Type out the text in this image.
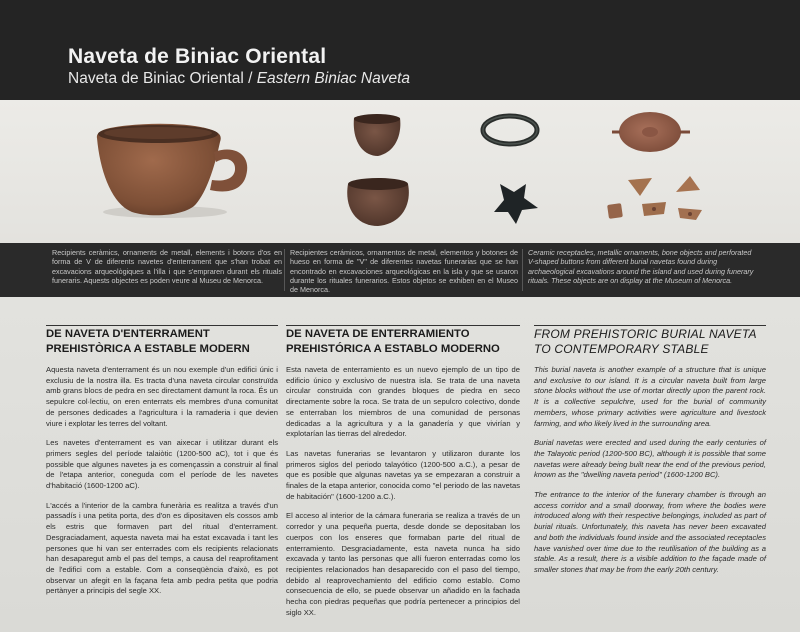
Naveta de Biniac Oriental
Naveta de Biniac Oriental / Eastern Biniac Naveta
Recipients ceràmics, ornaments de metall, elements i botons d'os en forma de V de diferents navetes d'enterrament que s'han trobat en excavacions arqueològiques a l'illa i que s'empraren durant els rituals funeraris. Aquests objectes es poden veure al Museu de Menorca.
Recipientes cerámicos, ornamentos de metal, elementos y botones de hueso en forma de "V" de diferentes navetas funerarias que se han encontrado en excavaciones arqueológicas en la isla y que se usaron durante los rituales funerarios. Estos objetos se exhiben en el Museo de Menorca.
Ceramic receptacles, metallic ornaments, bone objects and perforated V-shaped buttons from different burial navetas found during archaeological excavations around the island and used during funerary rituals. These objects are on display at the Museum of Menorca.
DE NAVETA D'ENTERRAMENT PREHISTÒRICA A ESTABLE MODERN

Aquesta naveta d'enterrament és un nou exemple d'un edifici únic i exclusiu de la nostra illa. Es tracta d'una naveta circular construïda amb grans blocs de pedra en sec directament damunt la roca. És un sepulcre col·lectiu, on eren enterrats els membres d'una comunitat de persones dedicades a l'agricultura i la ramaderia i que devien viure i explotar les terres del voltant.

Les navetes d'enterrament es van aixecar i utilitzar durant els primers segles del període talaiòtic (1200-500 aC), tot i que és possible que algunes navetes ja es començassin a construir al final de l'etapa anterior, coneguda com el període de les navetes d'habitació (1600-1200 aC).

L'accés a l'interior de la cambra funerària es realitza a través d'un passadís i una petita porta, des d'on es dipositaven els cossos amb els estris que formaven part del ritual d'enterrament. Desgraciadament, aquesta naveta mai ha estat excavada i tant les persones que hi van ser enterrades com els recipients relacionats han desaparegut amb el pas del temps, a causa del reaprofitament de l'edifici com a estable. Com a conseqüència d'això, es pot observar un afegit en la façana feta amb pedra petita que podria pertànyer a principis del segle XX.

DE NAVETA DE ENTERRAMIENTO PREHISTÓRICA A ESTABLO MODERNO

Esta naveta de enterramiento es un nuevo ejemplo de un tipo de edificio único y exclusivo de nuestra isla. Se trata de una naveta circular construida con grandes bloques de piedra en seco directamente sobre la roca. Se trata de un sepulcro colectivo, donde se enterraban los miembros de una comunidad de personas dedicadas a la agricultura y a la ganadería y que vivirían y explotarían las tierras del alrededor.

Las navetas funerarias se levantaron y utilizaron durante los primeros siglos del periodo talayótico (1200-500 a.C.), a pesar de que es posible que algunas navetas ya se empezaran a construir a finales de la etapa anterior, conocida como "el periodo de las navetas de habitación" (1600-1200 a.C.).

El acceso al interior de la cámara funeraria se realiza a través de un corredor y una pequeña puerta, desde donde se depositaban los cuerpos con los enseres que formaban parte del ritual de enterramiento. Desgraciadamente, esta naveta nunca ha sido excavada y tanto las personas que allí fueron enterradas como los recipientes relacionados han desaparecido con el paso del tiempo, debido al reaprovechamiento del edificio como establo. Como consecuencia de ello, se puede observar un añadido en la fachada hecha con piedras pequeñas que podría pertenecer a principios del siglo XX.

FROM PREHISTORIC BURIAL NAVETA TO CONTEMPORARY STABLE

This burial naveta is another example of a structure that is unique and exclusive to our island. It is a circular naveta built from large stone blocks without the use of mortar directly upon the parent rock. It is a collective sepulchre, used for the burial of community members, whose primary activities were agriculture and livestock farming, and who likely lived in the surrounding area.

Burial navetas were erected and used during the early centuries of the Talayotic period (1200-500 BC), although it is possible that some navetas were already being built near the end of the previous period, known as the "dwelling naveta period" (1600-1200 BC).

The entrance to the interior of the funerary chamber is through an access corridor and a small doorway, from where the bodies were introduced along with their respective belongings, included as part of burial rituals. Unfortunately, this naveta has never been excavated and both the individuals found inside and the associated receptacles have vanished over time due to the reutilisation of the building as a stable. As a result, there is a visible addition to the façade made of smaller stones that may be from the early 20th century.
